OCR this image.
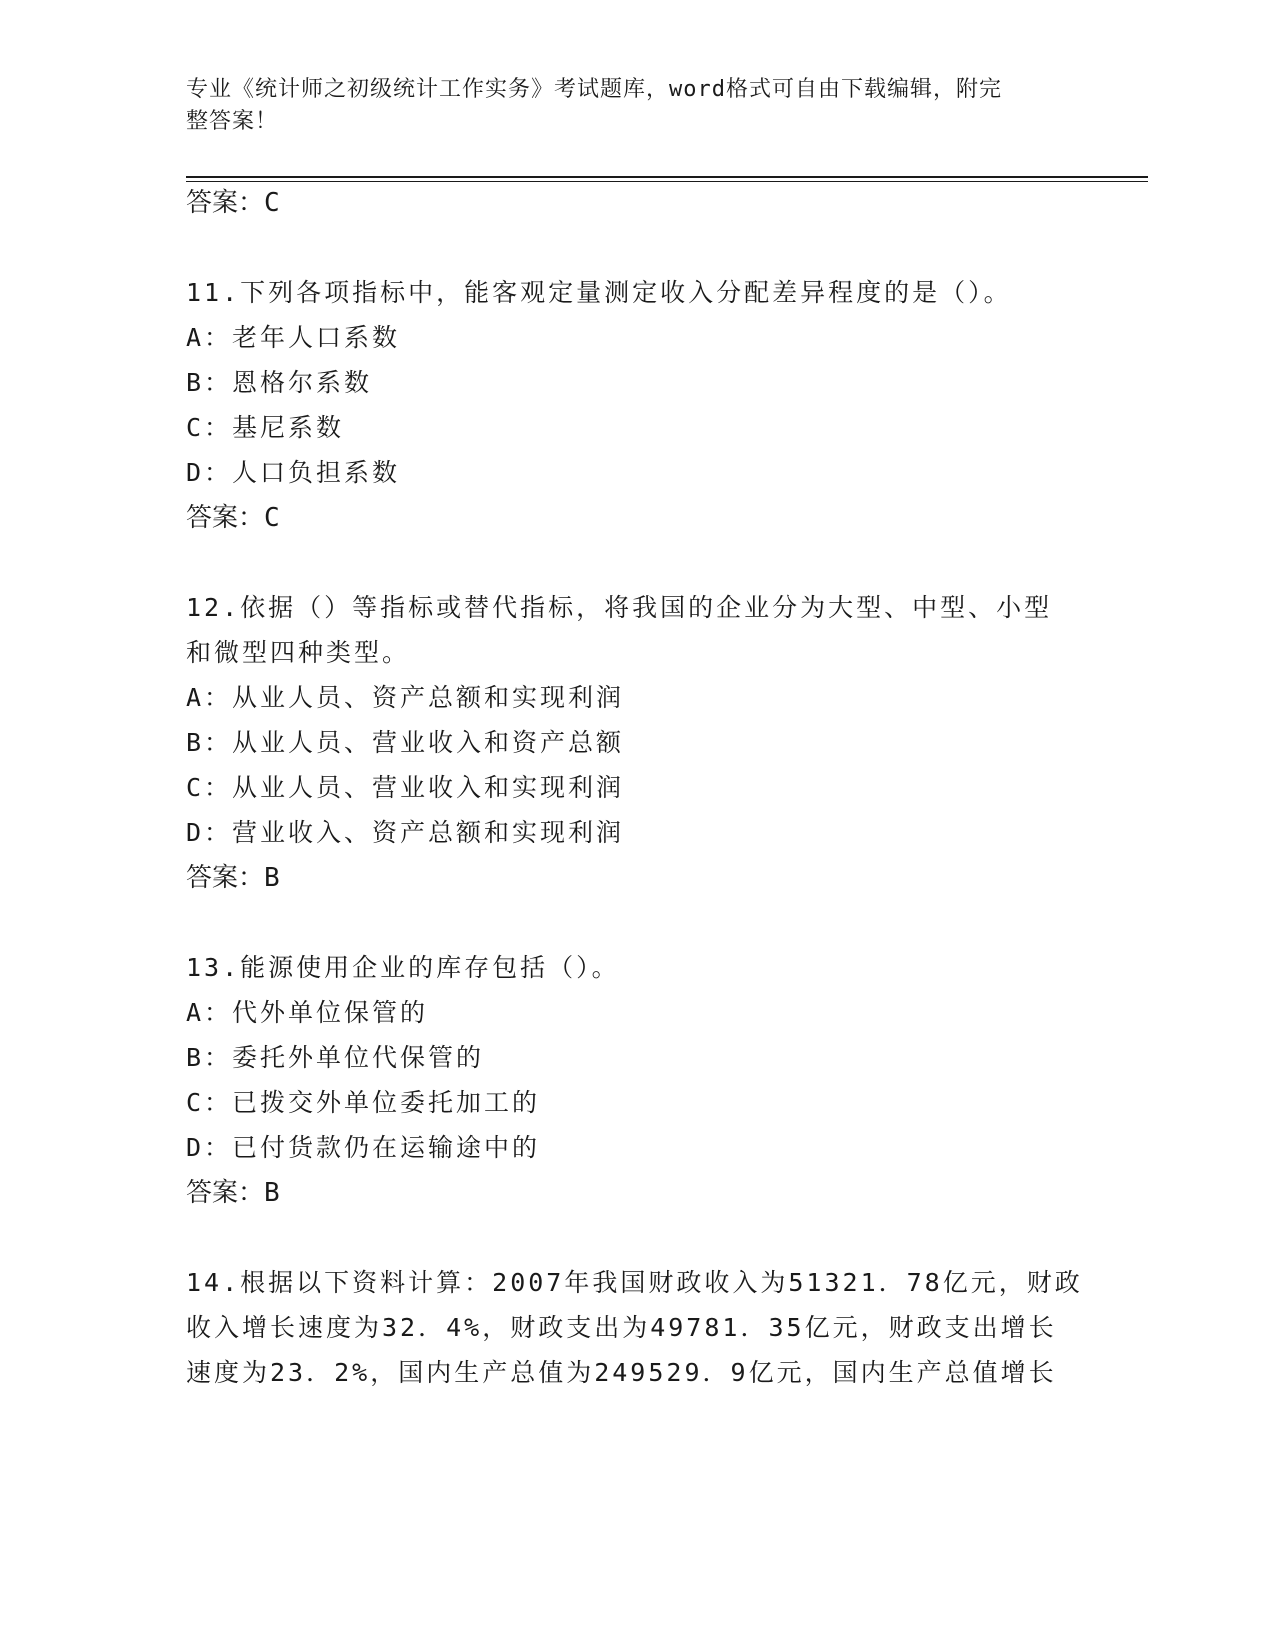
专业《统计师之初级统计工作实务》考试题库，word格式可自由下载编辑，附完
整答案！
答案：C
11.下列各项指标中，能客观定量测定收入分配差异程度的是（）。
A：老年人口系数
B：恩格尔系数
C：基尼系数
D：人口负担系数
答案：C
12.依据（）等指标或替代指标，将我国的企业分为大型、中型、小型
和微型四种类型。
A：从业人员、资产总额和实现利润
B：从业人员、营业收入和资产总额
C：从业人员、营业收入和实现利润
D：营业收入、资产总额和实现利润
答案：B
13.能源使用企业的库存包括（）。
A：代外单位保管的
B：委托外单位代保管的
C：已拨交外单位委托加工的
D：已付货款仍在运输途中的
答案：B
14.根据以下资料计算：2007年我国财政收入为51321．78亿元，财政
收入增长速度为32．4%，财政支出为49781．35亿元，财政支出增长
速度为23．2%，国内生产总值为249529．9亿元，国内生产总值增长
